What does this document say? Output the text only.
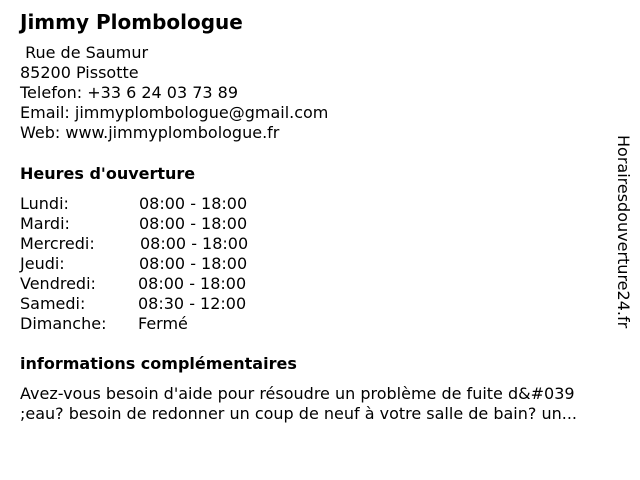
Jimmy Plombologue
Rue de Saumur
85200 Pissotte
Telefon: +33 6 24 03 73 89
Email: jimmyplombologue@gmail.com
Web: www.jimmyplombologue.fr
Heures d'ouverture
Lundi:	08:00 - 18:00
Mardi:	08:00 - 18:00
Mercredi:	08:00 - 18:00
Jeudi:	08:00 - 18:00
Vendredi:	08:00 - 18:00
Samedi:	08:30 - 12:00
Dimanche: Fermé
informations complémentaires
Avez-vous besoin d'aide pour résoudre un problème de fuite d&#039
;eau? besoin de redonner un coup de neuf à votre salle de bain? un...
Horairesdouverture24.fr
